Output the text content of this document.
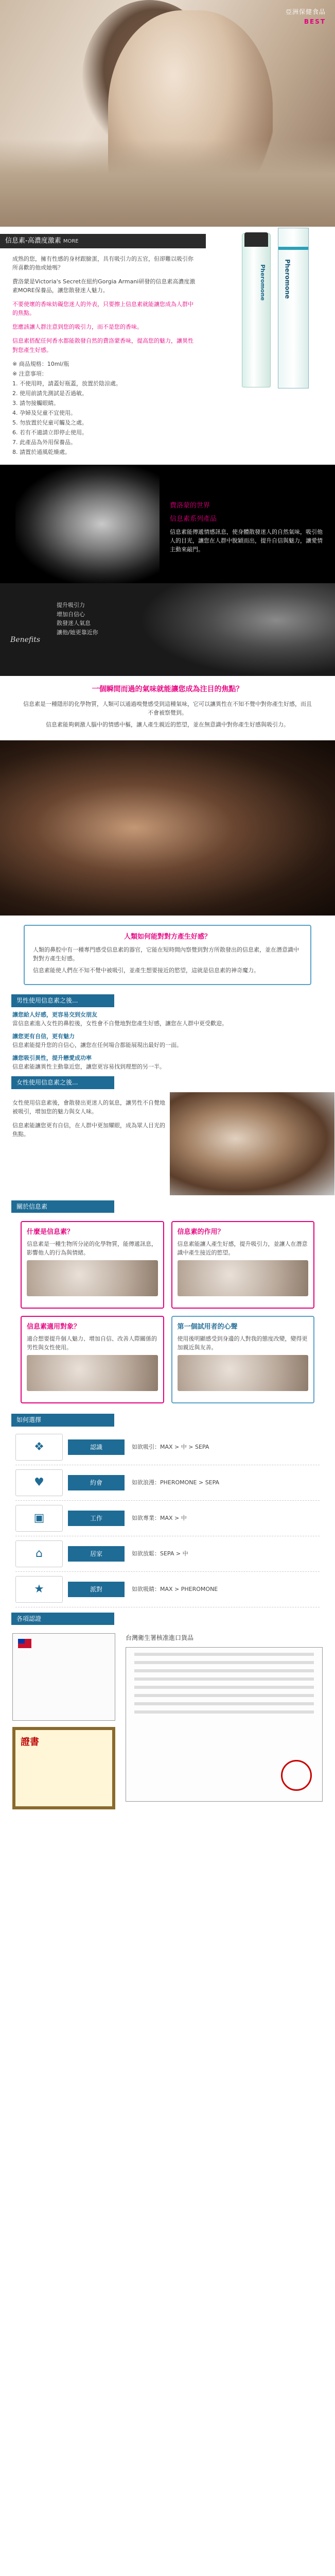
亞洲保健食品
BEST
信息素-高濃度激素 MORE

成熟的您，擁有性感的身材跟臉蛋，具有吸引力的五官，但卻難以吸引你所喜歡的他或她嗎？

費洛蒙是Victoria's Secret在紐約Gorgia Armani研發的信息素高濃度激素MORE保養品，讓您散發迷人魅力。

不要使壞的香味妨礙您迷人的外表，只要擦上信息素就能讓您成為人群中的焦點。

您應該讓人群注意到您的吸引力，而不是您的香味。

信息素搭配任何香水都能散發自然的費洛蒙香味，提高您的魅力，讓異性對您產生好感。

※ 商品規格：10ml/瓶
※ 注意事項：
1. 不使用時，請蓋好瓶蓋，放置於陰涼處。
2. 使用前請先測試是否過敏。
3. 請勿接觸眼睛。
4. 孕婦及兒童不宜使用。
5. 勿放置於兒童可觸及之處。
6. 若有不適請立即停止使用。
7. 此產品為外用保養品。
8. 請置於通風乾燥處。
Pheromone	Pheromone
費洛蒙的世界
信息素系列產品
信息素能傳遞情感訊息，使身體散發迷人的自然氣味，吸引他人的目光，讓您在人群中脫穎而出，提升自信與魅力，讓愛情主動來敲門。
提升吸引力
增加自信心
散發迷人氣息
讓他/她更靠近你
Benefits
一個瞬間而過的氣味就能讓您成為注目的焦點？

信息素是一種隱形的化學物質，人類可以通過嗅覺感受到這種氣味，它可以讓異性在不知不覺中對你產生好感，而且不會被察覺到。

信息素能夠刺激人腦中的情感中樞，讓人產生親近的慾望，並在無意識中對你產生好感與吸引力。

人類如何能對對方產生好感？

人類的鼻腔中有一種專門感受信息素的器官，它能在短時間內察覺到對方所散發出的信息素，並在潛意識中對對方產生好感。

信息素能使人們在不知不覺中被吸引，並產生想要接近的慾望，這就是信息素的神奇魔力。

男性使用信息素之後...
讓您給人好感，更容易交到女朋友

當信息素進入女性的鼻腔後，女性會不自覺地對您產生好感，讓您在人群中更受歡迎。

讓您更有自信，更有魅力

信息素能提升您的自信心，讓您在任何場合都能展現出最好的一面。

讓您吸引異性，提升戀愛成功率

信息素能讓異性主動靠近您，讓您更容易找到理想的另一半。

女性使用信息素之後...

女性使用信息素後，會散發出更迷人的氣息，讓男性不自覺地被吸引，增加您的魅力與女人味。

信息素能讓您更有自信，在人群中更加耀眼，成為眾人目光的焦點。

關於信息素
什麼是信息素？
信息素是一種生物所分泌的化學物質，能傳遞訊息，影響他人的行為與情緒。
信息素的作用？
信息素能讓人產生好感，提升吸引力，並讓人在潛意識中產生接近的慾望。
信息素適用對象？
適合想要提升個人魅力、增加自信、改善人際關係的男性與女性使用。
第一個試用者的心聲
使用後明顯感受到身邊的人對我的態度改變，變得更加親近與友善。
如何選擇
❖	認識	如欲吸引：MAX > 中 > SEPA
♥	約會	如欲浪漫：PHEROMONE > SEPA
▣	工作	如欲專業：MAX > 中
⌂	居家	如欲放鬆：SEPA > 中
★	派對	如欲吸睛：MAX > PHEROMONE
各項認證
證書
台灣衛生署核准進口貨品
